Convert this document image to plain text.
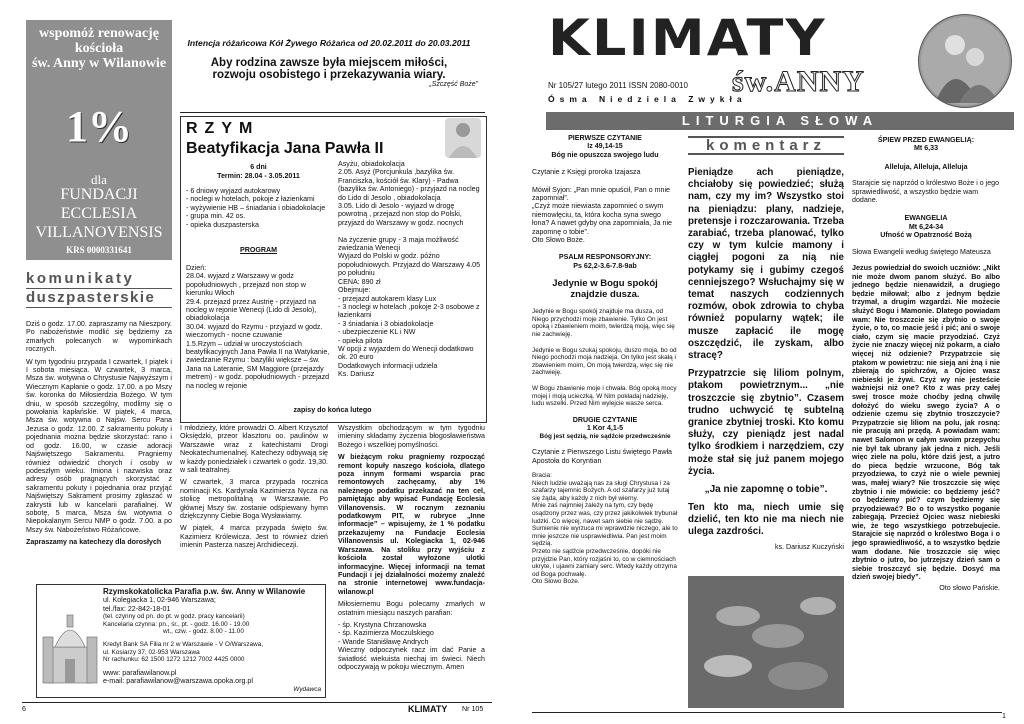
wspomóż renowację
kościoła
św. Anny w Wilanowie
1%
dla
FUNDACJI
ECCLESIA
VILLANOVENSIS
KRS 0000331641
komunikaty
duszpasterskie

Dziś o godz. 17.00. zapraszamy na Nieszpory. Po nabożeństwie modlić się będziemy za zmarłych polecanych w wypominkach rocznych.

W tym tygodniu przypada I czwartek, I piątek i I sobota miesiąca. W czwartek, 3 marca, Msza św. wotywna o Chrystusie Najwyższym i Wiecznym Kapłanie o godz. 17.00. a po Mszy św. koronka do Miłosierdzia Bożego. W tym dniu, w sposób szczególny, modlimy się o powołania kapłańskie. W piątek, 4 marca, Msza św. wotywna o Najśw. Sercu Pana Jezusa o godz. 12.00. Z sakramentu pokuty i pojednania można będzie skorzystać: rano i od godz. 16.00, w czasie adoracji Najświętszego Sakramentu. Pragniemy również odwiedzić chorych i osoby w podeszłym wieku. Imiona i nazwiska oraz adresy osób pragnących skorzystać z sakramentu pokuty i pojednania oraz przyjąć Najświętszy Sakrament prosimy zgłaszać w zakrystii lub w kancelarii parafialnej. W sobotę, 5 marca, Msza św. wotywna o Niepokalanym Sercu NMP o godz. 7.00. a po Mszy św. Nabożeństwo Różańcowe.

Zapraszamy na katechezy dla dorosłych

Intencja różańcowa Kół Żywego Różańca od 20.02.2011 do 20.03.2011
Aby rodzina zawsze była miejscem miłości,
rozwoju osobistego i przekazywania wiary.
„Szczęść Boże”
RZYM
Beatyfikacja Jana Pawła II
6 dni
Termin: 28.04 - 3.05.2011
- 6 dniowy wyjazd autokarowy
- noclegi w hotelach, pokoje z łazienkami
- wyżywienie HB – śniadania i obiadokolacje
- grupa min. 42 os.
- opieka duszpasterska
PROGRAM
Dzień:
28.04. wyjazd z Warszawy w godz popołudniowych , przejazd non stop w kierunku Włoch
29.4. przejazd przez Austrię - przyjazd na nocleg w rejonie Wenecji (Lido di Jesolo), obiadokolacja
30.04. wyjazd do Rzymu - przyjazd w godz. wieczornych - nocne czuwanie
1.5.Rzym – udział w uroczystościach beatyfikacyjnych Jana Pawła II na Watykanie, zwiedzanie Rzymu : bazyliki większe – św. Jana na Lateranie, SM Maggiore (przejazdy metrem) - w godz. popołudniowych - przejazd na nocleg w rejonie
Asyżu, obiadokolacja
2.05. Asyż (Porcjunkula ,bazylika św. Franciszka, kościół św. Klary) - Padwa (bazylika św. Antoniego) - przyjazd na nocleg do Lido di Jesolo , obiadokolacja
3.05. Lido di Jesolo - wyjazd w drogę powrotną , przejazd non stop do Polski, przyjazd do Warszawy w godz. nocnych

Na życzenie grupy - 3 maja możliwość zwiedzania Wenecji
Wyjazd do Polski w godz. późno popołudniowych. Przyjazd do Warszawy 4.05 po południu
CENA: 890 zł
Obejmuje:
- przejazd autokarem klasy Lux
- 3 noclegi w hotelach ,pokoje 2-3 osobowe z łazienkami
- 3 śniadania i 3 obiadokolacje
- ubezpieczenie KL i NW
- opieka pilota
W opcji z wyjazdem do Wenecji dodatkowo ok. 20 euro
Dodatkowych informacji udziela
Ks. Dariusz
zapisy do końca lutego

I młodzieży, które prowadzi O. Albert Krzysztof Oksiędzki, przeor klasztoru oo. paulinów w Warszawie wraz z katechistami Drogi Neokatechumenalnej. Katechezy odbywają się w każdy poniedziałek i czwartek o godz. 19,30. w sali teatralnej.

W czwartek, 3 marca przypada rocznica nominacji Ks. Kardynała Kazimierza Nycza na stolicę metropolitalną w Warszawie. Po głównej Mszy św. zostanie odśpiewany hymn dziękczynny Ciebie Boga Wysławiamy.

W piątek, 4 marca przypada święto św. Kazimierz Królewicza. Jest to również dzień imienin Pasterza naszej Archidiecezji.

Wszystkim obchodzącym w tym tygodniu imieniny składamy życzenia błogosławieństwa Bożego i wszelkiej pomyślności.

W bieżącym roku pragniemy rozpocząć remont kopuły naszego kościoła, dlatego poza innym formami wsparcia prac remontowych zachęcamy, aby 1% należnego podatku przekazać na ten cel, pamiętając aby wpisać Fundację Ecclesia Villanovensis. W rocznym zeznaniu podatkowym PIT, w rubryce „Inne informacje” – wpisujemy, że 1 % podatku przekazujemy na Fundacje Ecclesia Villanovensis ul. Kolegiacka 1, 02-946 Warszawa. Na stoliku przy wyjściu z kościoła został wyłożone ulotki informacyjne. Więcej informacji na temat Fundacji i jej działalności możemy znaleźć na stronie internetowej www.fundacja-wilanow.pl

Miłosiernemu Bogu polecamy zmarłych w ostatnim miesiącu naszych parafian:

- śp. Krystyna Chrzanowska
- śp. Kazimierza Moczulskiego
- Wande Staniśławę Andrych

Wieczny odpoczynek racz im dać Panie a światłość wiekuista niechaj im świeci. Niech odpoczywają w pokoju wiecznym. Amen

Rzymskokatolicka Parafia p.w. św. Anny w Wilanowie
ul. Kolegiacka 1, 02-946 Warszawa;
tel./fax: 22-842-18-01
(tel. czynny od pn. do pt. w godz. pracy kancelarii)
Kancelaria czynna: pn., śr., pt. - godz. 16.00 - 19.00
wt., czw. - godz. 8.00 - 11.00
Kredyt Bank SA Filia nr 2 w Warszawie - V O/Warszawa,
ul. Kosiarzy 37, 02-953 Warszawa
Nr rachunku: 62 1500 1272 1212 7002 4425 0000
www: parafiawilanow.pl
e-mail: parafiawilanow@warszawa.opoka.org.pl
Wydawca
6	KLIMATY Nr 105
KLIMATY
św.ANNY
Nr 105/27 lutego 2011 ISSN 2080-0010
Ósma Niedziela Zwykła
LITURGIA SŁOWA
PIERWSZE CZYTANIE
Iz 49,14-15
Bóg nie opuszcza swojego ludu
Czytanie z Księgi proroka Izajasza
Mówił Syjon: „Pan mnie opuścił, Pan o mnie zapomniał”.
„Czyż może niewiasta zapomnieć o swym niemowlęciu, ta, która kocha syna swego łona? A nawet gdyby ona zapomniała, Ja nie zapomnę o tobie”.
Oto Słowo Boże.
PSALM RESPONSORYJNY:
Ps 62,2-3.6-7.8-9ab
Jedynie w Bogu spokój znajdzie dusza.
Jedynie w Bogu spokój znajduje ma dusza, od Niego przychodzi moje zbawienie. Tylko On jest opoką i zbawieniem moim, twierdzą moją, więc się nie zachwieję.
Jedynie w Bogu szukaj spokoju, duszo moja, bo od Niego pochodzi moja nadzieja. On tylko jest skałą i zbawieniem moim, On moją twierdzą, więc się nie zachwieję.
W Bogu zbawienie moje i chwała. Bóg opoką mocy mojej i moją ucieczką. W Nim pokładaj nadzieję, ludu wszelki. Przed Nim wylejcie wasze serca.
DRUGIE CZYTANIE
1 Kor 4,1-5
Bóg jest sędzią, nie sądźcie przedwcześnie
Czytanie z Pierwszego Listu świętego Pawła Apostoła do Koryntian
Bracia:
Niech ludzie uważają nas za sługi Chrystusa i za szafarzy tajemnic Bożych. A od szafarzy już tutaj się żąda, aby każdy z nich był wierny.
Mnie zaś najmniej zależy na tym, czy będę osądzony przez was, czy przez jakikolwiek trybunał ludzki. Co więcej, nawet sam siebie nie sądzę. Sumienie nie wyrzuca mi wprawdzie niczego, ale to mnie jeszcze nie usprawiedliwia. Pan jest moim sędzią.
Przeto nie sądźcie przedwcześnie, dopóki nie przyjdzie Pan, który rozjaśni to, co w ciemnościach ukryte, i ujawni zamiary serc. Wtedy każdy otrzyma od Boga pochwałę.
Oto Słowo Boże.
komentarz
Pieniądze ach pieniądze, chciałoby się powiedzieć; służą nam, czy my im? Wszystko stoi na pieniądzu: plany, nadzieje, pretensje i rozczarowania. Trzeba zarabiać, trzeba planować, tylko czy w tym kulcie mamony i ciągłej pogoni za nią nie potykamy się i gubimy czegoś cenniejszego? Wsłuchajmy się w temat naszych codziennych rozmów, obok zdrowia to chyba również popularny wątek; ile musze zapłacić ile mogę oszczędzić, ile zyskam, albo stracę?
Przypatrzcie się liliom polnym, ptakom powietrznym... „nie troszczcie się zbytnio”. Czasem trudno uchwycić tę subtelną granice zbytniej troski. Kto komu służy, czy pieniądz jest nadal tylko środkiem i narzędziem, czy może stał się już panem mojego życia.
„Ja nie zapomnę o tobie”.
Ten kto ma, niech umie się dzielić, ten kto nie ma niech nie ulega zazdrości.
ks. Dariusz Kuczyński
ŚPIEW PRZED EWANGELIĄ:
Mt 6,33
Alleluja, Alleluja, Alleluja
Starajcie się naprzód o królestwo Boże i o jego sprawiedliwość, a wszystko będzie wam dodane.
EWANGELIA
Mt 6,24-34
Ufność w Opatrzność Bożą
Słowa Ewangelii według świętego Mateusza
Jezus powiedział do swoich uczniów: „Nikt nie może dwom panom służyć. Bo albo jednego będzie nienawidził, a drugiego będzie miłował; albo z jednym będzie trzymał, a drugim wzgardzi. Nie możecie służyć Bogu i Mamonie. Dlatego powiadam wam: Nie troszczcie się zbytnio o swoje życie, o to, co macie jeść i pić; ani o swoje ciało, czym się macie przyodziać. Czyż życie nie znaczy więcej niż pokarm, a ciało więcej niż odzienie? Przypatrzcie się ptakom w powietrzu: nie sieją ani żną i nie zbierają do spichrzów, a Ojciec wasz niebieski je żywi. Czyż wy nie jesteście ważniejsi niż one? Kto z was przy całej swej trosce może choćby jedną chwilę dołożyć do wieku swego życia? A o odzienie czemu się zbytnio troszczycie? Przypatrzcie się liliom na polu, jak rosną: nie pracują ani przędą. A powiadam wam: nawet Salomon w całym swoim przepychu nie był tak ubrany jak jedna z nich. Jeśli więc ziele na polu, które dziś jest, a jutro do pieca będzie wrzucone, Bóg tak przyodziewa, to czyż nie o wiele pewniej was, małej wiary? Nie troszczcie się więc zbytnio i nie mówicie: co będziemy jeść? co będziemy pić? czym będziemy się przyodziewać? Bo o to wszystko poganie zabiegają. Przecież Ojciec wasz niebieski wie, że tego wszystkiego potrzebujecie. Starajcie się naprzód o królestwo Boga i o jego sprawiedliwość, a to wszystko będzie wam dodane. Nie troszczcie się więc zbytnio o jutro, bo jutrzejszy dzień sam o siebie troszczyć się będzie. Dosyć ma dzień swojej biedy”.
Oto słowo Pańskie.
1
